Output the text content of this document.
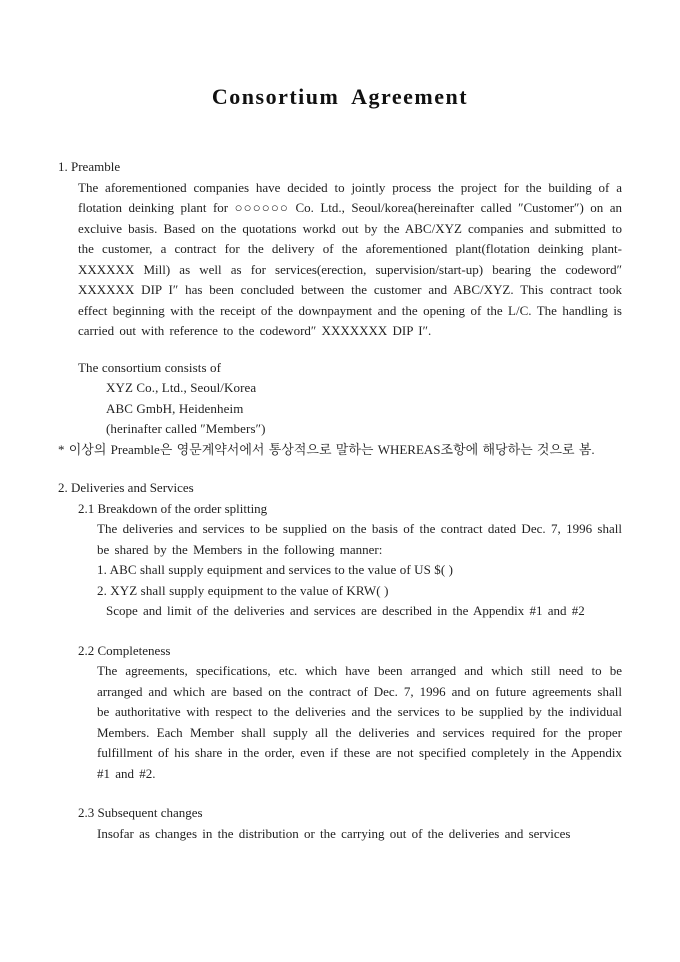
Consortium Agreement
1. Preamble
The aforementioned companies have decided to jointly process the project for the building of a flotation deinking plant for ○○○○○○ Co. Ltd., Seoul/korea(hereinafter called ″Customer″) on an excluive basis. Based on the quotations workd out by the ABC/XYZ companies and submitted to the customer, a contract for the delivery of the aforementioned plant(flotation deinking plant-XXXXXX Mill) as well as for services(erection, supervision/start-up) bearing the codeword″ XXXXXX DIP I″ has been concluded between the customer and ABC/XYZ. This contract took effect beginning with the receipt of the downpayment and the opening of the L/C. The handling is carried out with reference to the codeword″ XXXXXXX DIP I″.
The consortium consists of
XYZ Co., Ltd., Seoul/Korea
ABC GmbH, Heidenheim
(herinafter called ″Members″)
* 이상의 Preamble은 영문계약서에서 통상적으로 말하는 WHEREAS조항에 해당하는 것으로 봄.
2. Deliveries and Services
2.1 Breakdown of the order splitting
The deliveries and services to be supplied on the basis of the contract dated Dec. 7, 1996 shall be shared by the Members in the following manner:
1. ABC shall supply equipment and services to the value of US $( )
2. XYZ shall supply equipment to the value of KRW( )
Scope and limit of the deliveries and services are described in the Appendix #1 and #2
2.2 Completeness
The agreements, specifications, etc. which have been arranged and which still need to be arranged and which are based on the contract of Dec. 7, 1996 and on future agreements shall be authoritative with respect to the deliveries and the services to be supplied by the individual Members. Each Member shall supply all the deliveries and services required for the proper fulfillment of his share in the order, even if these are not specified completely in the Appendix #1 and #2.
2.3 Subsequent changes
Insofar as changes in the distribution or the carrying out of the deliveries and services
